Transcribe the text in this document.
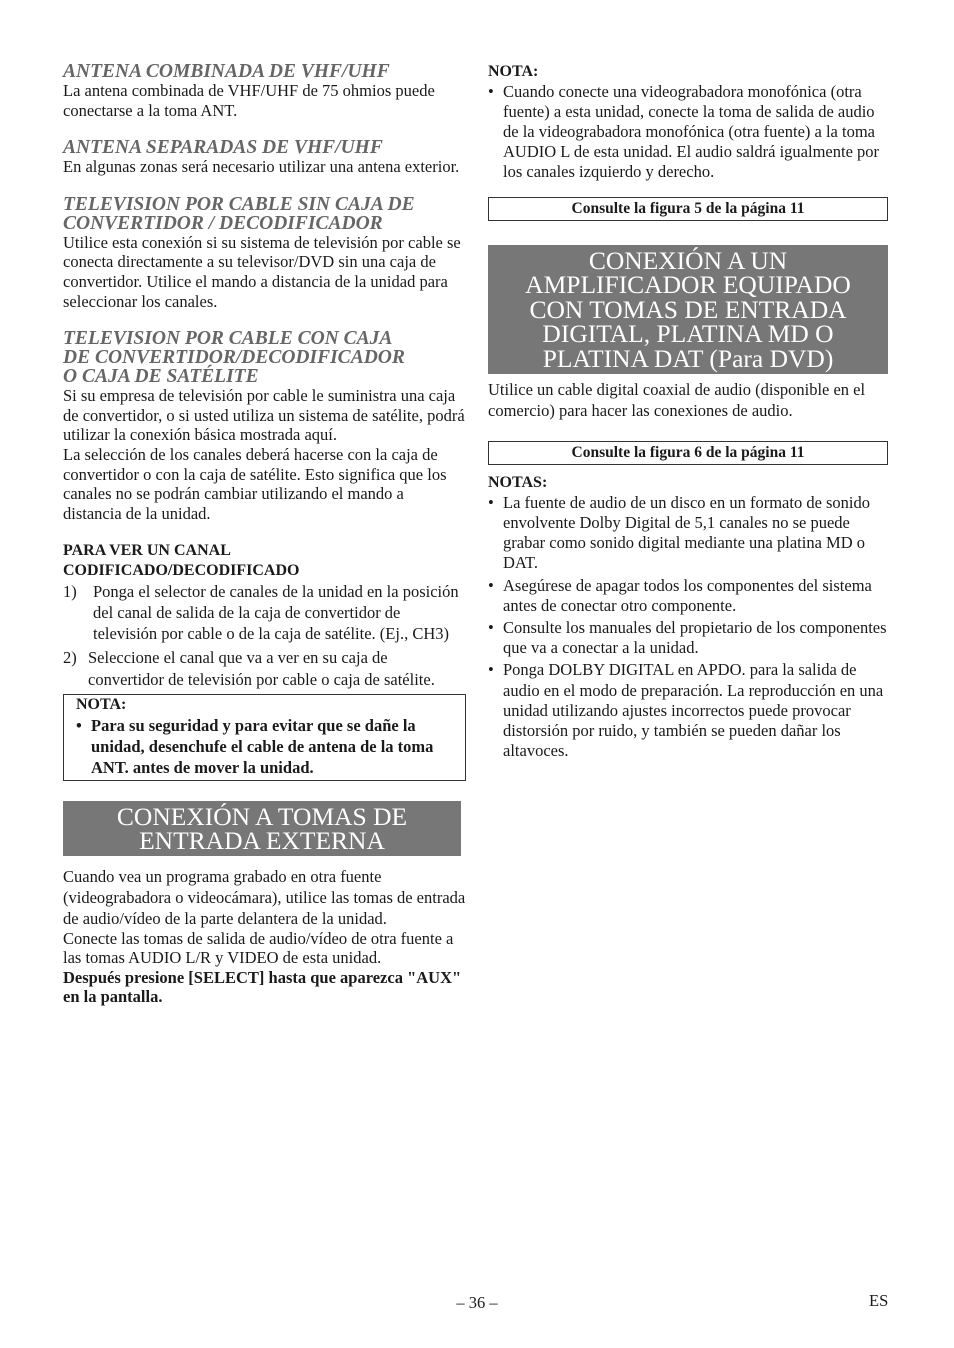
ANTENA COMBINADA DE VHF/UHF

La antena combinada de VHF/UHF de 75 ohmios puede conectarse a la toma ANT.

ANTENA SEPARADAS DE VHF/UHF

En algunas zonas será necesario utilizar una antena exterior.

TELEVISION POR CABLE SIN CAJA DE
CONVERTIDOR / DECODIFICADOR

Utilice esta conexión si su sistema de televisión por cable se conecta directamente a su televisor/DVD sin una caja de convertidor. Utilice el mando a distancia de la unidad para seleccionar los canales.

TELEVISION POR CABLE CON CAJA
DE CONVERTIDOR/DECODIFICADOR
O CAJA DE SATÉLITE

Si su empresa de televisión por cable le suministra una caja de convertidor, o si usted utiliza un sistema de satélite, podrá utilizar la conexión básica mostrada aquí.

La selección de los canales deberá hacerse con la caja de convertidor o con la caja de satélite. Esto significa que los canales no se podrán cambiar utilizando el mando a distancia de la unidad.

PARA VER UN CANAL
CODIFICADO/DECODIFICADO

1) Ponga el selector de canales de la unidad en la posición del canal de salida de la caja de convertidor de televisión por cable o de la caja de satélite. (Ej., CH3)
2) Seleccione el canal que va a ver en su caja de convertidor de televisión por cable o caja de satélite.

NOTA:

• Para su seguridad y para evitar que se dañe la unidad, desenchufe el cable de antena de la toma ANT. antes de mover la unidad.
CONEXIÓN A TOMAS DE
ENTRADA EXTERNA

Cuando vea un programa grabado en otra fuente (videograbadora o videocámara), utilice las tomas de entrada de audio/vídeo de la parte delantera de la unidad.

Conecte las tomas de salida de audio/vídeo de otra fuente a las tomas AUDIO L/R y VIDEO de esta unidad.

Después presione [SELECT] hasta que aparezca "AUX" en la pantalla.

NOTA:

• Cuando conecte una videograbadora monofónica (otra fuente) a esta unidad, conecte la toma de salida de audio de la videograbadora monofónica (otra fuente) a la toma AUDIO L de esta unidad. El audio saldrá igualmente por los canales izquierdo y derecho.
Consulte la figura 5 de la página 11
CONEXIÓN A UN
AMPLIFICADOR EQUIPADO
CON TOMAS DE ENTRADA
DIGITAL, PLATINA MD O
PLATINA DAT (Para DVD)

Utilice un cable digital coaxial de audio (disponible en el comercio) para hacer las conexiones de audio.

Consulte la figura 6 de la página 11

NOTAS:

• La fuente de audio de un disco en un formato de sonido envolvente Dolby Digital de 5,1 canales no se puede grabar como sonido digital mediante una platina MD o DAT.
• Asegúrese de apagar todos los componentes del sistema antes de conectar otro componente.
• Consulte los manuales del propietario de los componentes que va a conectar a la unidad.
• Ponga DOLBY DIGITAL en APDO. para la salida de audio en el modo de preparación. La reproducción en una unidad utilizando ajustes incorrectos puede provocar distorsión por ruido, y también se pueden dañar los altavoces.
– 36 –	ES
